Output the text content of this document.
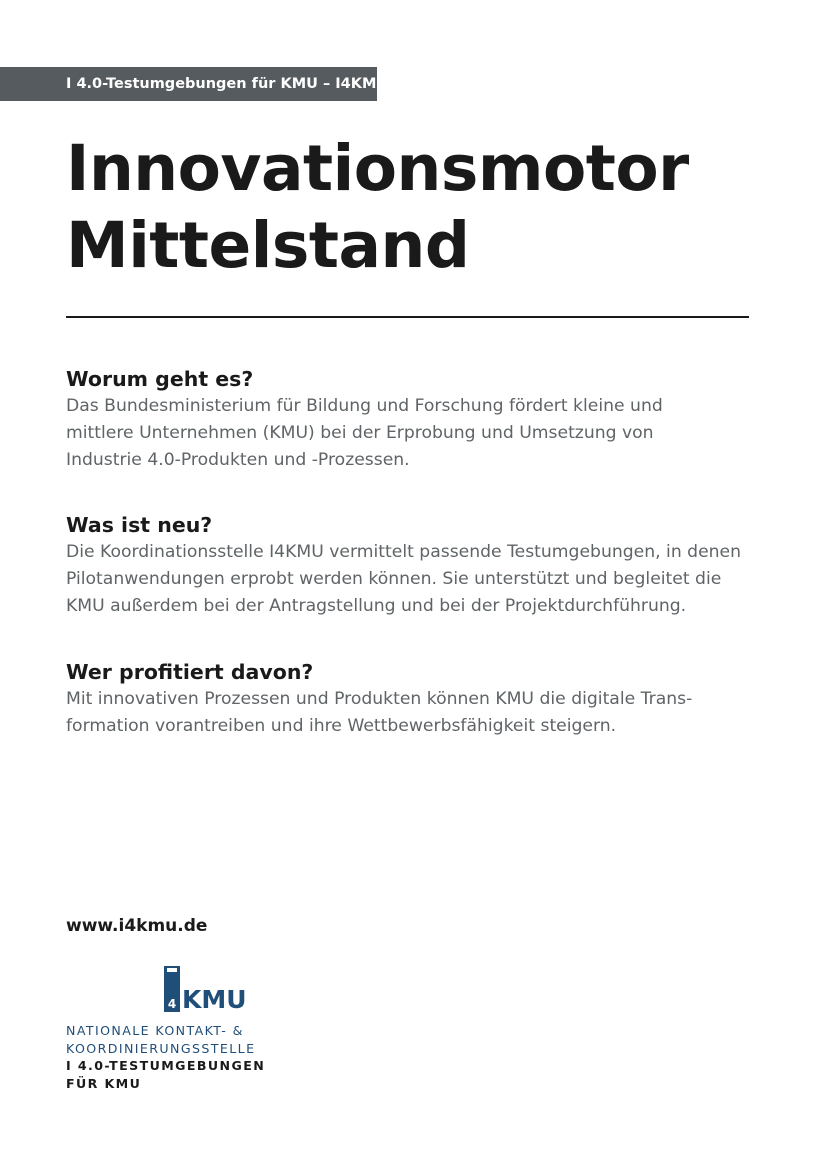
I 4.0-Testumgebungen für KMU – I4KMU
Innovationsmotor
Mittelstand
Worum geht es?

Das Bundesministerium für Bildung und Forschung fördert kleine und
mittlere Unternehmen (KMU) bei der Erprobung und Umsetzung von
Industrie 4.0-Produkten und -Prozessen.

Was ist neu?

Die Koordinationsstelle I4KMU vermittelt passende Testumgebungen, in denen
Pilotanwendungen erprobt werden können. Sie unterstützt und begleitet die
KMU außerdem bei der Antragstellung und bei der Projektdurchführung.

Wer profitiert davon?

Mit innovativen Prozessen und Produkten können KMU die digitale Trans-
formation vorantreiben und ihre Wettbewerbsfähigkeit steigern.

www.i4kmu.de
4 KMU
NATIONALE KONTAKT- &
KOORDINIERUNGSSTELLE
I 4.0-TESTUMGEBUNGEN
FÜR KMU
